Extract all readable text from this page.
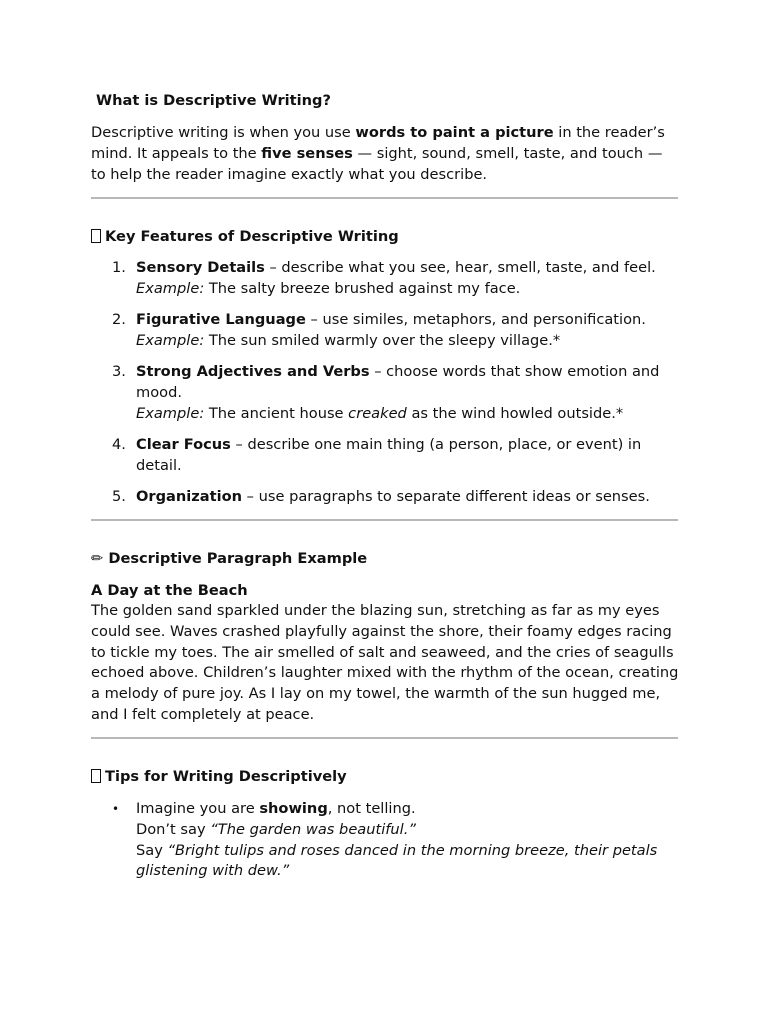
What is Descriptive Writing?

Descriptive writing is when you use words to paint a picture in the reader’s mind. It appeals to the five senses — sight, sound, smell, taste, and touch — to help the reader imagine exactly what you describe.

Key Features of Descriptive Writing
1. Sensory Details – describe what you see, hear, smell, taste, and feel.
Example: The salty breeze brushed against my face.
2. Figurative Language – use similes, metaphors, and personification.
Example: The sun smiled warmly over the sleepy village.*
3. Strong Adjectives and Verbs – choose words that show emotion and mood.
Example: The ancient house creaked as the wind howled outside.*
4. Clear Focus – describe one main thing (a person, place, or event) in detail.
5. Organization – use paragraphs to separate different ideas or senses.
✏ Descriptive Paragraph Example
A Day at the Beach

The golden sand sparkled under the blazing sun, stretching as far as my eyes could see. Waves crashed playfully against the shore, their foamy edges racing to tickle my toes. The air smelled of salt and seaweed, and the cries of seagulls echoed above. Children’s laughter mixed with the rhythm of the ocean, creating a melody of pure joy. As I lay on my towel, the warmth of the sun hugged me, and I felt completely at peace.

Tips for Writing Descriptively
• Imagine you are showing, not telling.
Don’t say “The garden was beautiful.”
Say “Bright tulips and roses danced in the morning breeze, their petals glistening with dew.”
